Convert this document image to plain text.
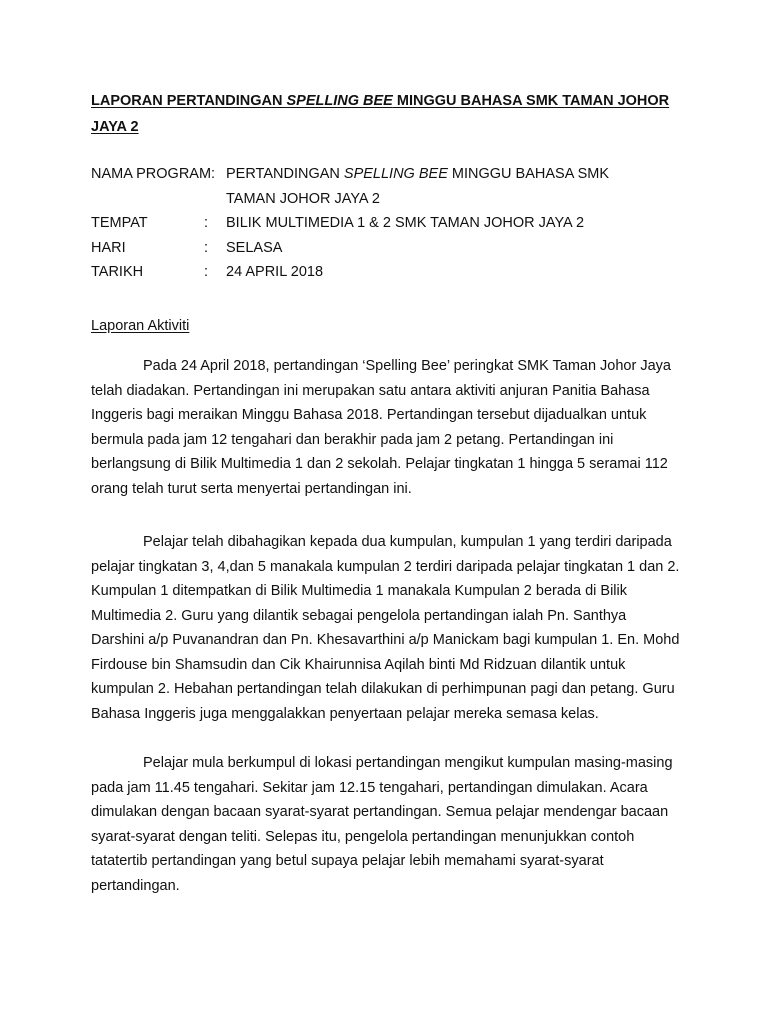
LAPORAN PERTANDINGAN SPELLING BEE MINGGU BAHASA SMK TAMAN JOHOR JAYA 2
NAMA PROGRAM: PERTANDINGAN SPELLING BEE MINGGU BAHASA SMK TAMAN JOHOR JAYA 2
TEMPAT	: BILIK MULTIMEDIA 1 & 2 SMK TAMAN JOHOR JAYA 2
HARI	: SELASA
TARIKH	: 24 APRIL 2018
Laporan Aktiviti

Pada 24 April 2018, pertandingan ‘Spelling Bee’ peringkat SMK Taman Johor Jaya telah diadakan. Pertandingan ini merupakan satu antara aktiviti anjuran Panitia Bahasa Inggeris bagi meraikan Minggu Bahasa 2018. Pertandingan tersebut dijadualkan untuk bermula pada jam 12 tengahari dan berakhir pada jam 2 petang. Pertandingan ini berlangsung di Bilik Multimedia 1 dan 2 sekolah. Pelajar tingkatan 1 hingga 5 seramai 112 orang telah turut serta menyertai pertandingan ini.

Pelajar telah dibahagikan kepada dua kumpulan, kumpulan 1 yang terdiri daripada pelajar tingkatan 3, 4,dan 5 manakala kumpulan 2 terdiri daripada pelajar tingkatan 1 dan 2. Kumpulan 1 ditempatkan di Bilik Multimedia 1 manakala Kumpulan 2 berada di Bilik Multimedia 2. Guru yang dilantik sebagai pengelola pertandingan ialah Pn. Santhya Darshini a/p Puvanandran dan Pn. Khesavarthini a/p Manickam bagi kumpulan 1. En. Mohd Firdouse bin Shamsudin dan Cik Khairunnisa Aqilah binti Md Ridzuan dilantik untuk kumpulan 2. Hebahan pertandingan telah dilakukan di perhimpunan pagi dan petang. Guru Bahasa Inggeris juga menggalakkan penyertaan pelajar mereka semasa kelas.

Pelajar mula berkumpul di lokasi pertandingan mengikut kumpulan masing-masing pada jam 11.45 tengahari. Sekitar jam 12.15 tengahari, pertandingan dimulakan. Acara dimulakan dengan bacaan syarat-syarat pertandingan. Semua pelajar mendengar bacaan syarat-syarat dengan teliti. Selepas itu, pengelola pertandingan menunjukkan contoh tatatertib pertandingan yang betul supaya pelajar lebih memahami syarat-syarat pertandingan.
